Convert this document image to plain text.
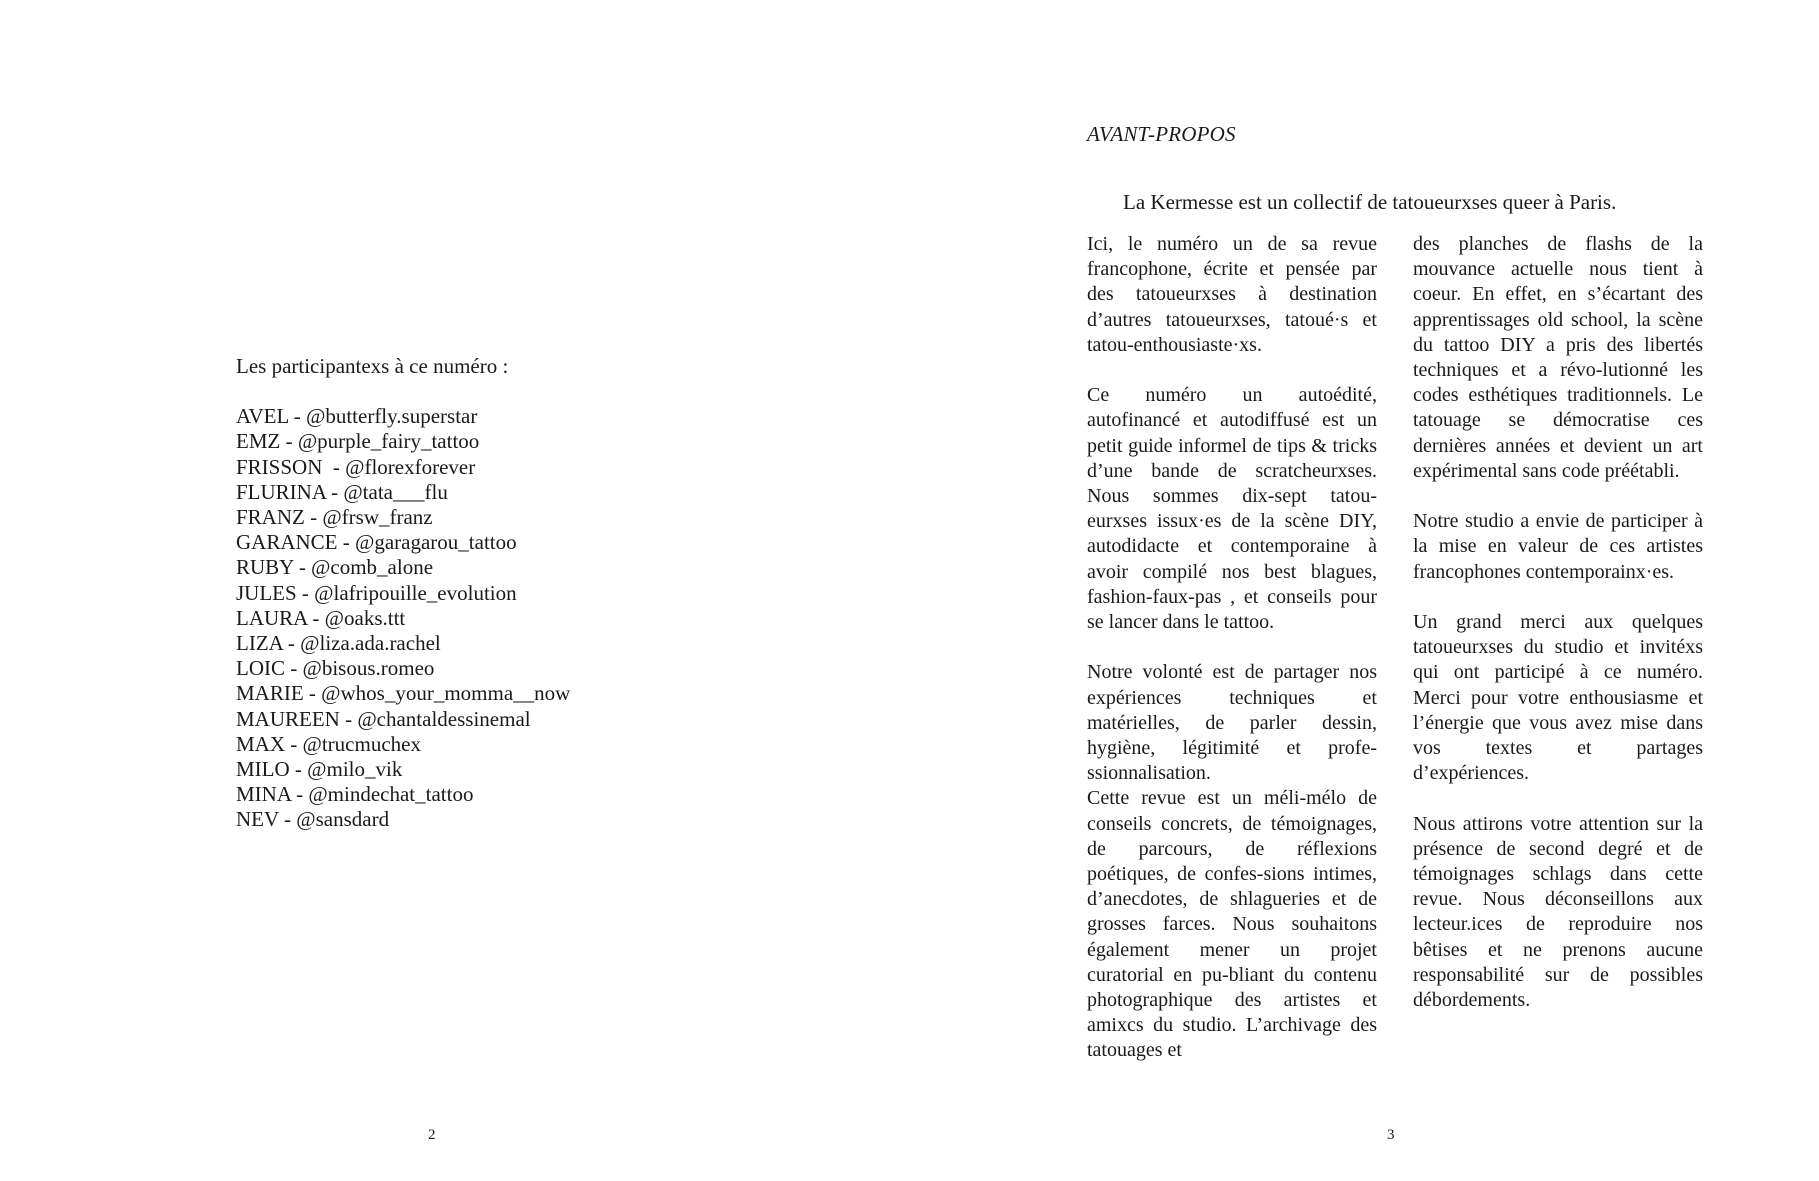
Les participantexs à ce numéro :

AVEL - @butterfly.superstar
EMZ - @purple_fairy_tattoo
FRISSON  - @florexforever
FLURINA - @tata___flu
FRANZ - @frsw_franz
GARANCE - @garagarou_tattoo
RUBY - @comb_alone
JULES - @lafripouille_evolution
LAURA - @oaks.ttt
LIZA - @liza.ada.rachel
LOIC - @bisous.romeo
MARIE - @whos_your_momma__now
MAUREEN - @chantaldessinemal
MAX - @trucmuchex
MILO - @milo_vik
MINA - @mindechat_tattoo
NEV - @sansdard
2
AVANT-PROPOS

La Kermesse est un collectif de tatoueurxses queer à Paris.

Ici, le numéro un de sa revue francophone, écrite et pensée par des tatoueurxses à destination d’autres tatoueurxses, tatoué·s et tatou-enthousiaste·xs.

Ce numéro un autoédité, autofinancé et autodiffusé est un petit guide informel de tips & tricks d’une bande de scratcheurxses. Nous sommes dix-sept tatou-eurxses issux·es de la scène DIY, autodidacte et contemporaine à avoir compilé nos best blagues, fashion-faux-pas , et conseils pour se lancer dans le tattoo.

Notre volonté est de partager nos expériences techniques et matérielles, de parler dessin, hygiène, légitimité et profe-ssionnalisation.

Cette revue est un méli-mélo de conseils concrets, de témoignages, de parcours, de réflexions poétiques, de confes-sions intimes, d’anecdotes, de shlagueries et de grosses farces. Nous souhaitons également mener un projet curatorial en pu-bliant du contenu photographique des artistes et amixcs du studio. L’archivage des tatouages et

des planches de flashs de la mouvance actuelle nous tient à coeur. En effet, en s’écartant des apprentissages old school, la scène du tattoo DIY a pris des libertés techniques et a révo-lutionné les codes esthétiques traditionnels. Le tatouage se démocratise ces dernières années et devient un art expérimental sans code préétabli.

Notre studio a envie de participer à la mise en valeur de ces artistes francophones contemporainx·es.

Un grand merci aux quelques tatoueurxses du studio et invitéxs qui ont participé à ce numéro. Merci pour votre enthousiasme et l’énergie que vous avez mise dans vos textes et partages d’expériences.

Nous attirons votre attention sur la présence de second degré et de témoignages schlags dans cette revue. Nous déconseillons aux lecteur.ices de reproduire nos bêtises et ne prenons aucune responsabilité sur de possibles débordements.

3
